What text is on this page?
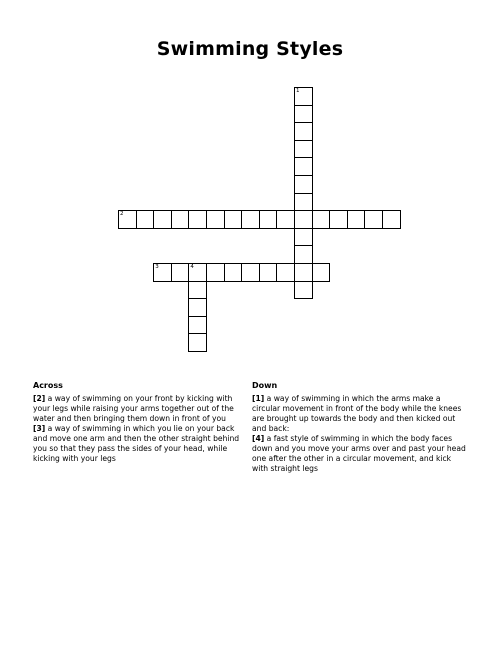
Swimming Styles
1
2
3	4
Across

[2] a way of swimming on your front by kicking with your legs while raising your arms together out of the water and then bringing them down in front of you

[3] a way of swimming in which you lie on your back and move one arm and then the other straight behind you so that they pass the sides of your head, while kicking with your legs

Down

[1] a way of swimming in which the arms make a circular movement in front of the body while the knees are brought up towards the body and then kicked out and back:

[4] a fast style of swimming in which the body faces down and you move your arms over and past your head one after the other in a circular movement, and kick with straight legs
